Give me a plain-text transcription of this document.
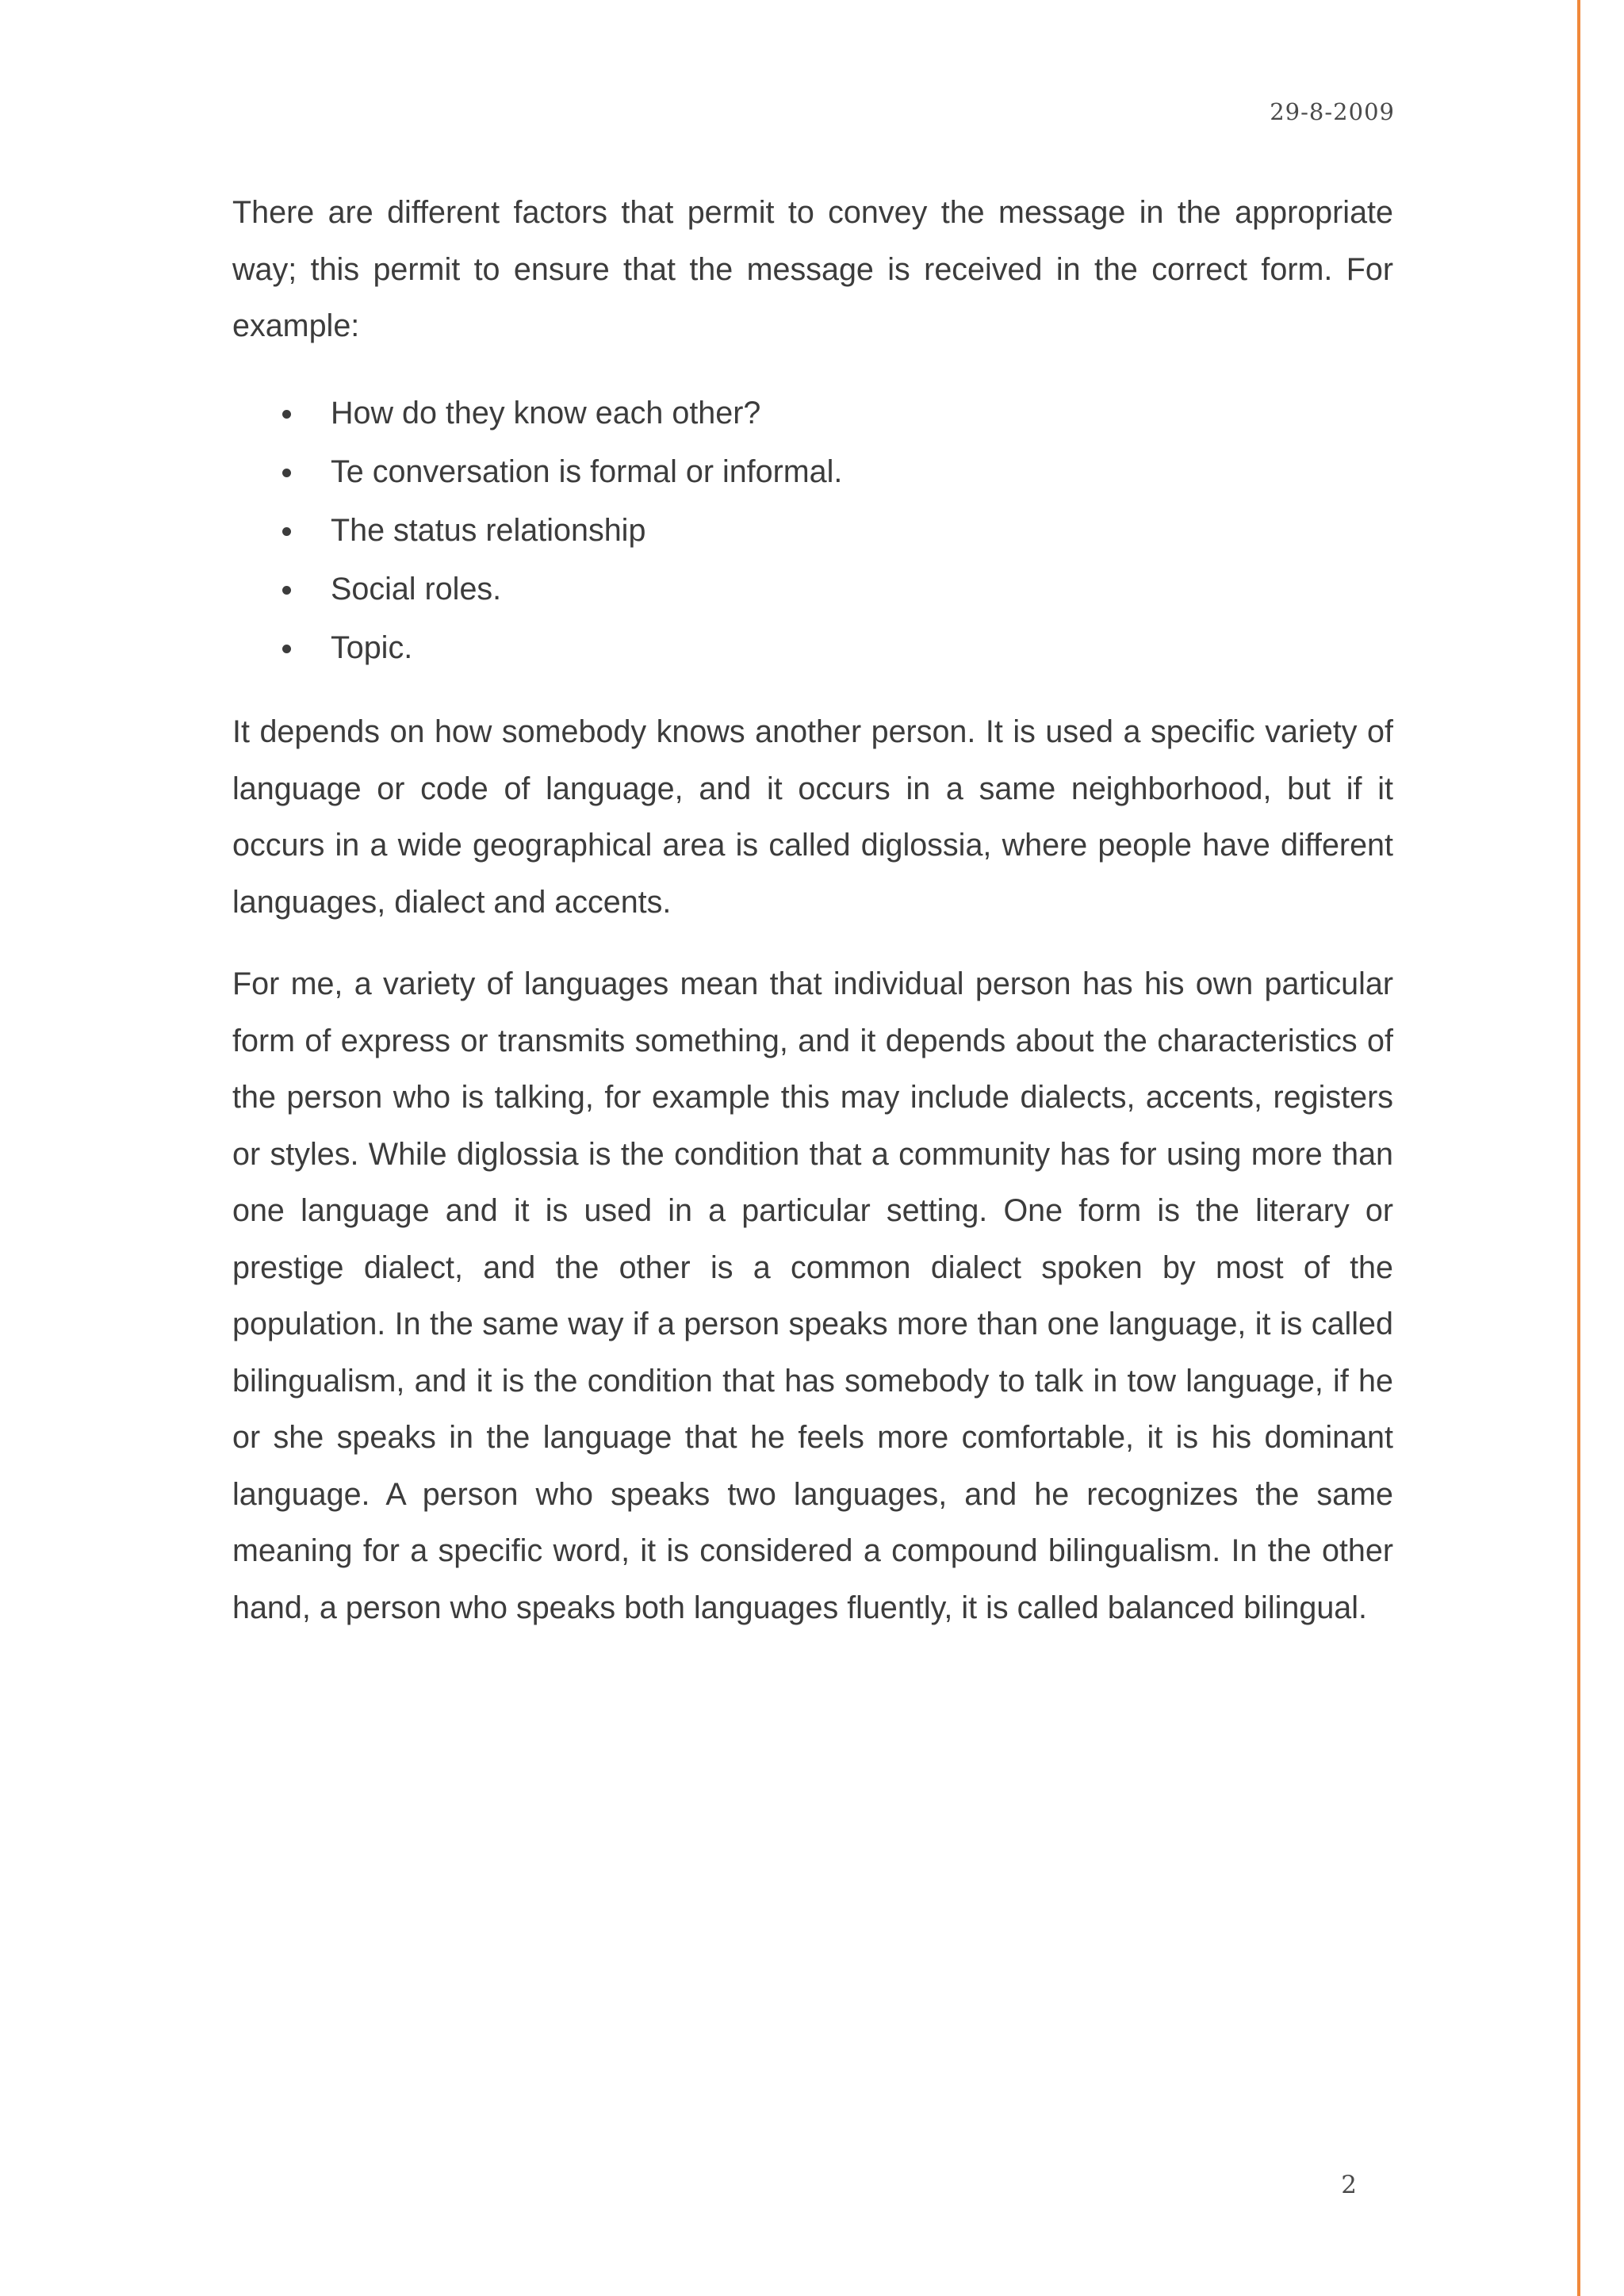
29-8-2009

There are different factors that permit to convey the message in the appropriate way; this permit to ensure that the message is received in the correct form. For example:

How do they know each other?
Te conversation is formal or informal.
The status relationship
Social roles.
Topic.

It depends on how somebody knows another person. It is used a specific variety of language or code of language, and it occurs in a same neighborhood, but if it occurs in a wide geographical area is called diglossia, where people have different languages, dialect and accents.

For me, a variety of languages mean that individual person has his own particular form of express or transmits something, and it depends about the characteristics of the person who is talking, for example this may include dialects, accents, registers or styles. While diglossia is the condition that a community has for using more than one language and it is used in a particular setting. One form is the literary or prestige dialect, and the other is a common dialect spoken by most of the population. In the same way if a person speaks more than one language, it is called bilingualism, and it is the condition that has somebody to talk in tow language, if he or she speaks in the language that he feels more comfortable, it is his dominant language. A person who speaks two languages, and he recognizes the same meaning for a specific word, it is considered a compound bilingualism. In the other hand, a person who speaks both languages fluently, it is called balanced bilingual.

2
